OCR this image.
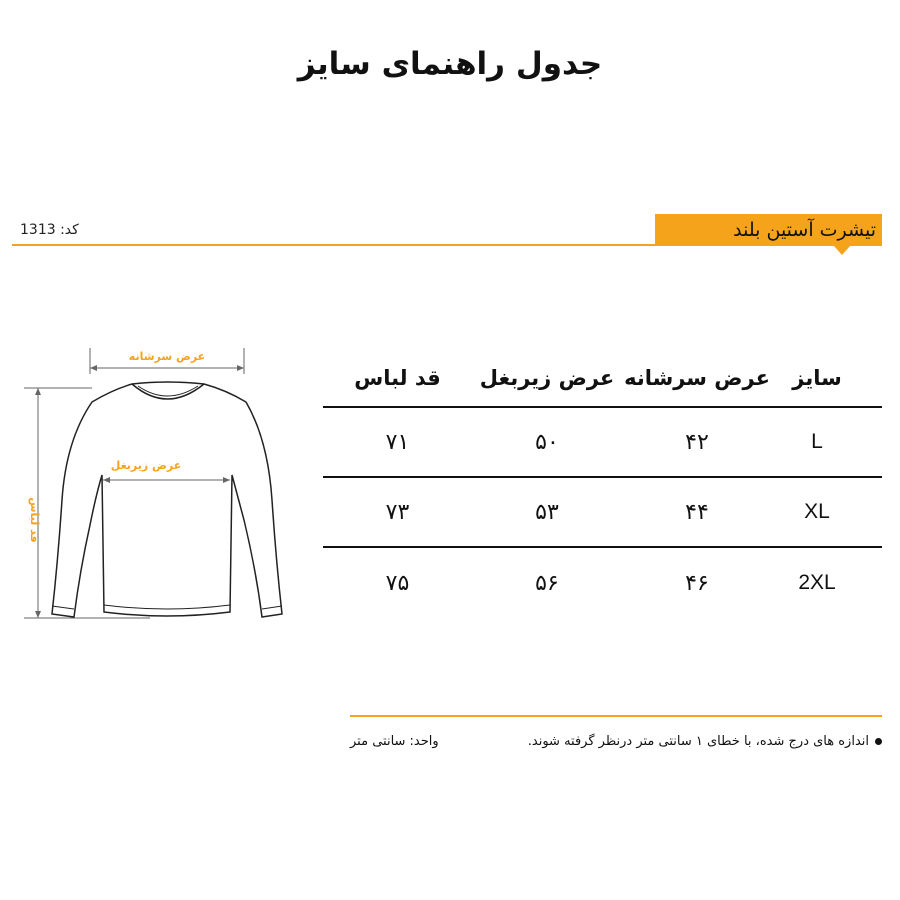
جدول راهنمای سایز
تیشرت آستین بلند
کد: 1313
عرض سرشانه
قد لباس
عرض زیربغل
سایز
عرض سرشانه
عرض زیربغل
قد لباس
L
۴۲
۵۰
۷۱
XL
۴۴
۵۳
۷۳
2XL
۴۶
۵۶
۷۵
اندازه های درج شده، با خطای ۱ سانتی متر درنظر گرفته شوند.
واحد: سانتی متر
